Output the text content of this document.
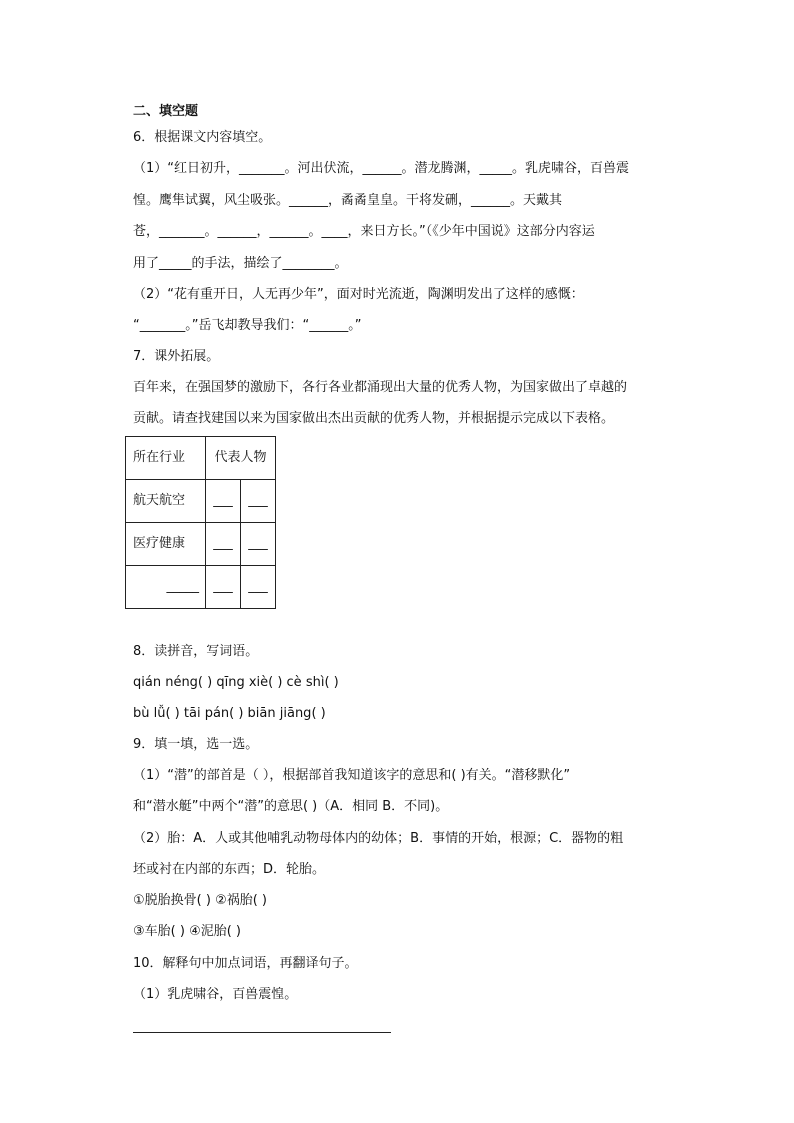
二、填空题
6．根据课文内容填空。
（1）“红日初升，_______。河出伏流，______。潜龙腾渊，_____。乳虎啸谷，百兽震
惶。鹰隼试翼，风尘吸张。______，矞矞皇皇。干将发硎，______。天戴其
苍，_______。______，______。____，来日方长。”（《少年中国说》这部分内容运
用了_____的手法，描绘了________。
（2）“花有重开日，人无再少年”，面对时光流逝，陶渊明发出了这样的感慨：
“_______。”岳飞却教导我们：“______。”
7．课外拓展。
百年来，在强国梦的激励下，各行各业都涌现出大量的优秀人物，为国家做出了卓越的
贡献。请查找建国以来为国家做出杰出贡献的优秀人物，并根据提示完成以下表格。
所在行业	代表人物	
航天航空	___	___
医疗健康	___	___
_____	___	___
8．读拼音，写词语。
qián néng( ) qīng xiè( ) cè shì( )
bù lǚ( ) tāi pán( ) biān jiāng( )
9．填一填，选一选。
（1）“潜”的部首是（ ），根据部首我知道该字的意思和( )有关。“潜移默化”
和“潜水艇”中两个“潜”的意思( )（A．相同 B．不同)。
（2）胎：A．人或其他哺乳动物母体内的幼体；B．事情的开始，根源；C．器物的粗
坯或衬在内部的东西；D．轮胎。
①脱胎换骨( ) ②祸胎( )
③车胎( ) ④泥胎( )
10．解释句中加点词语，再翻译句子。
（1）乳虎啸谷，百兽震惶。
